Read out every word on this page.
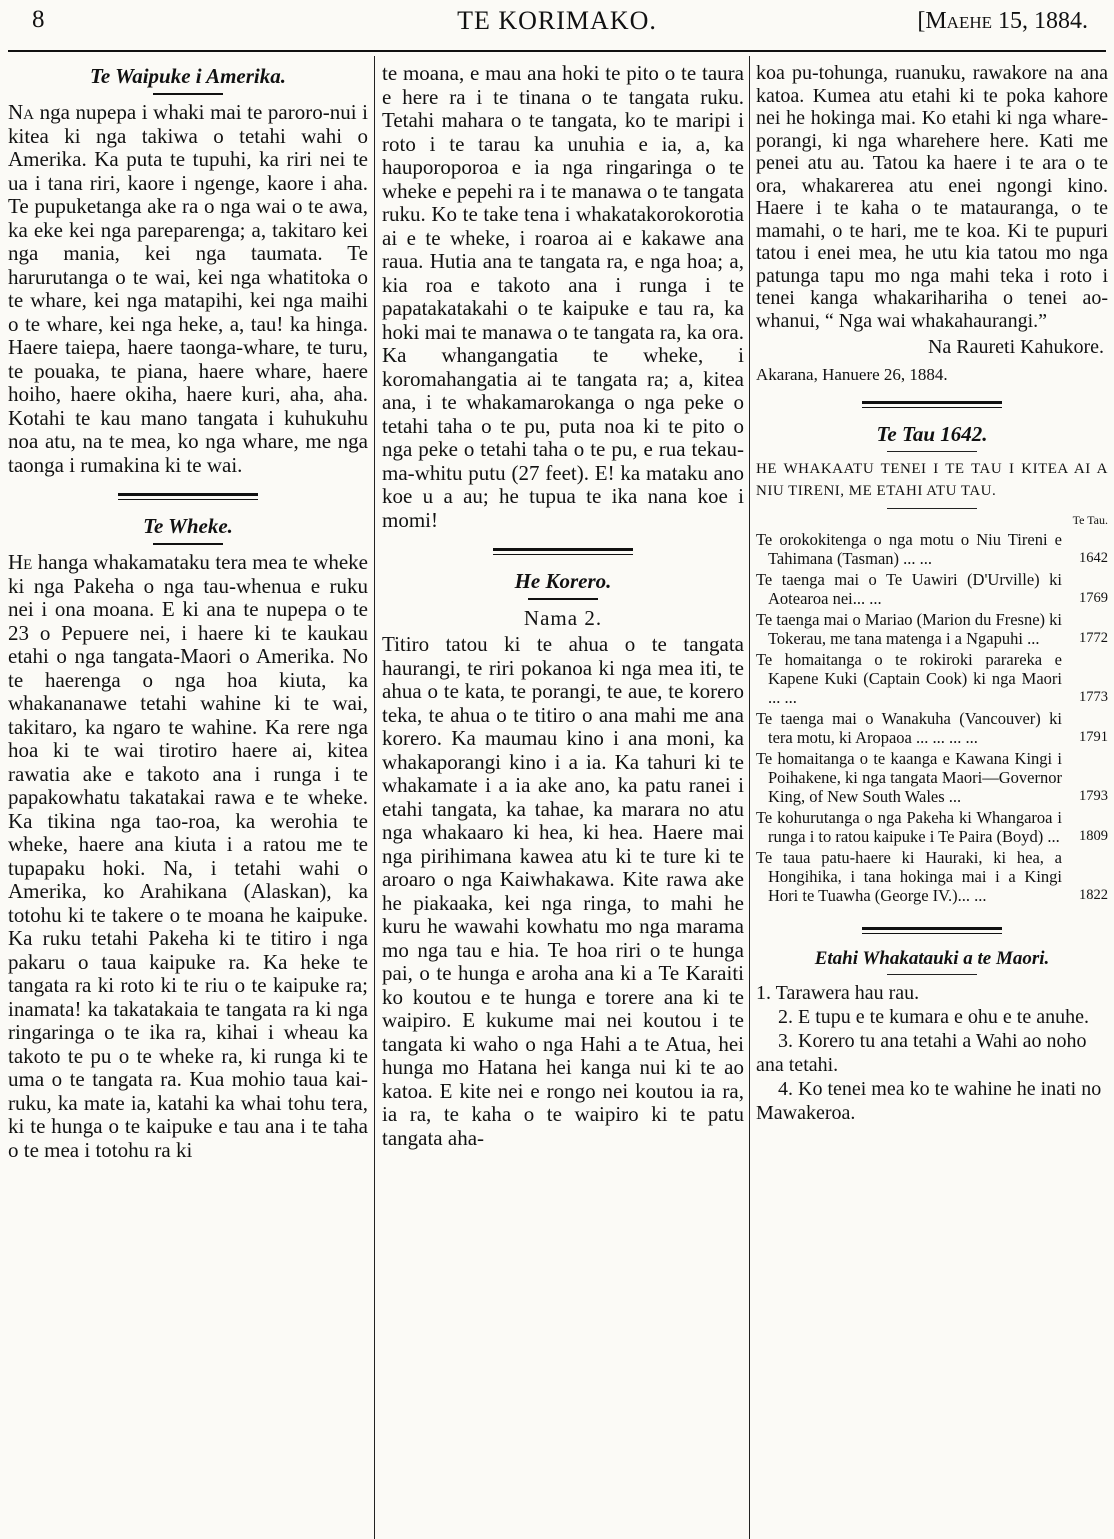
8	TE KORIMAKO.	[Maehe 15, 1884.
Te Waipuke i Amerika.

Na nga nupepa i whaki mai te paroro-nui i kitea ki nga takiwa o tetahi wahi o Amerika. Ka puta te tupuhi, ka riri nei te ua i tana riri, kaore i ngenge, kaore i aha. Te pupuketanga ake ra o nga wai o te awa, ka eke kei nga pareparenga; a, takitaro kei nga mania, kei nga taumata. Te harurutanga o te wai, kei nga whatitoka o te whare, kei nga matapihi, kei nga maihi o te whare, kei nga heke, a, tau! ka hinga. Haere taiepa, haere taonga-whare, te turu, te pouaka, te piana, haere whare, haere hoiho, haere okiha, haere kuri, aha, aha. Kotahi te kau mano tangata i kuhukuhu noa atu, na te mea, ko nga whare, me nga taonga i rumakina ki te wai.

Te Wheke.

He hanga whakamataku tera mea te wheke ki nga Pakeha o nga tau-whenua e ruku nei i ona moana. E ki ana te nupepa o te 23 o Pepuere nei, i haere ki te kaukau etahi o nga tangata-Maori o Amerika. No te haerenga o nga hoa kiuta, ka whakananawe tetahi wahine ki te wai, takitaro, ka ngaro te wahine. Ka rere nga hoa ki te wai tirotiro haere ai, kitea rawatia ake e takoto ana i runga i te papakowhatu takatakai rawa e te wheke. Ka tikina nga tao-roa, ka werohia te wheke, haere ana kiuta i a ratou me te tupapaku hoki. Na, i tetahi wahi o Amerika, ko Arahikana (Alaskan), ka totohu ki te takere o te moana he kaipuke. Ka ruku tetahi Pakeha ki te titiro i nga pakaru o taua kaipuke ra. Ka heke te tangata ra ki roto ki te riu o te kaipuke ra; inamata! ka takatakaia te tangata ra ki nga ringaringa o te ika ra, kihai i wheau ka takoto te pu o te wheke ra, ki runga ki te uma o te tangata ra. Kua mohio taua kai-ruku, ka mate ia, katahi ka whai tohu tera, ki te hunga o te kaipuke e tau ana i te taha o te mea i totohu ra ki

te moana, e mau ana hoki te pito o te taura e here ra i te tinana o te tangata ruku. Tetahi mahara o te tangata, ko te maripi i roto i te tarau ka unuhia e ia, a, ka hauporoporoa e ia nga ringaringa o te wheke e pepehi ra i te manawa o te tangata ruku. Ko te take tena i whakatakorokorotia ai e te wheke, i roaroa ai e kakawe ana raua. Hutia ana te tangata ra, e nga hoa; a, kia roa e takoto ana i runga i te papatakatakahi o te kaipuke e tau ra, ka hoki mai te manawa o te tangata ra, ka ora. Ka whangangatia te wheke, i koromahangatia ai te tangata ra; a, kitea ana, i te whakamarokanga o nga peke o tetahi taha o te pu, puta noa ki te pito o nga peke o tetahi taha o te pu, e rua tekau-ma-whitu putu (27 feet). E! ka mataku ano koe u a au; he tupua te ika nana koe i momi!

He Korero.
Nama 2.

Titiro tatou ki te ahua o te tangata haurangi, te riri pokanoa ki nga mea iti, te ahua o te kata, te porangi, te aue, te korero teka, te ahua o te titiro o ana mahi me ana korero. Ka maumau kino i ana moni, ka whakaporangi kino i a ia. Ka tahuri ki te whakamate i a ia ake ano, ka patu ranei i etahi tangata, ka tahae, ka marara no atu nga whakaaro ki hea, ki hea. Haere mai nga pirihimana kawea atu ki te ture ki te aroaro o nga Kaiwhakawa. Kite rawa ake he piakaaka, kei nga ringa, to mahi he kuru he wawahi kowhatu mo nga marama mo nga tau e hia. Te hoa riri o te hunga pai, o te hunga e aroha ana ki a Te Karaiti ko koutou e te hunga e torere ana ki te waipiro. E kukume mai nei koutou i te tangata ki waho o nga Hahi a te Atua, hei hunga mo Hatana hei kanga nui ki te ao katoa. E kite nei e rongo nei koutou ia ra, ia ra, te kaha o te waipiro ki te patu tangata aha-

koa pu-tohunga, ruanuku, rawakore na ana katoa. Kumea atu etahi ki te poka kahore nei he hokinga mai. Ko etahi ki nga whare-porangi, ki nga wharehere here. Kati me penei atu au. Tatou ka haere i te ara o te ora, whakarerea atu enei ngongi kino. Haere i te kaha o te matauranga, o te mamahi, o te hari, me te koa. Ki te pupuri tatou i enei mea, he utu kia tatou mo nga patunga tapu mo nga mahi teka i roto i tenei kanga whakarihariha o tenei ao-whanui, “ Nga wai whakahaurangi.”

Na Raureti Kahukore.
Akarana, Hanuere 26, 1884.
Te Tau 1642.
HE WHAKAATU TENEI I TE TAU I KITEA AI A NIU TIRENI, ME ETAHI ATU TAU.
Te Tau.
Te orokokitenga o nga motu o Niu Tireni e Tahimana (Tasman) ... ...	1642
Te taenga mai o Te Uawiri (D'Urville) ki Aotearoa nei... ...	1769
Te taenga mai o Mariao (Marion du Fresne) ki Tokerau, me tana matenga i a Ngapuhi ...	1772
Te homaitanga o te rokiroki parareka e Kapene Kuki (Captain Cook) ki nga Maori ... ...	1773
Te taenga mai o Wanakuha (Vancouver) ki tera motu, ki Aropaoa ... ... ... ...	1791
Te homaitanga o te kaanga e Kawana Kingi i Poihakene, ki nga tangata Maori—Governor King, of New South Wales ...	1793
Te kohurutanga o nga Pakeha ki Whangaroa i runga i to ratou kaipuke i Te Paira (Boyd) ...	1809
Te taua patu-haere ki Hauraki, ki hea, a Hongihika, i tana hokinga mai i a Kingi Hori te Tuawha (George IV.)... ...	1822
Etahi Whakatauki a te Maori.

1. Tarawera hau rau.

2. E tupu e te kumara e ohu e te anuhe.

3. Korero tu ana tetahi a Wahi ao noho ana tetahi.

4. Ko tenei mea ko te wahine he inati no Mawakeroa.
